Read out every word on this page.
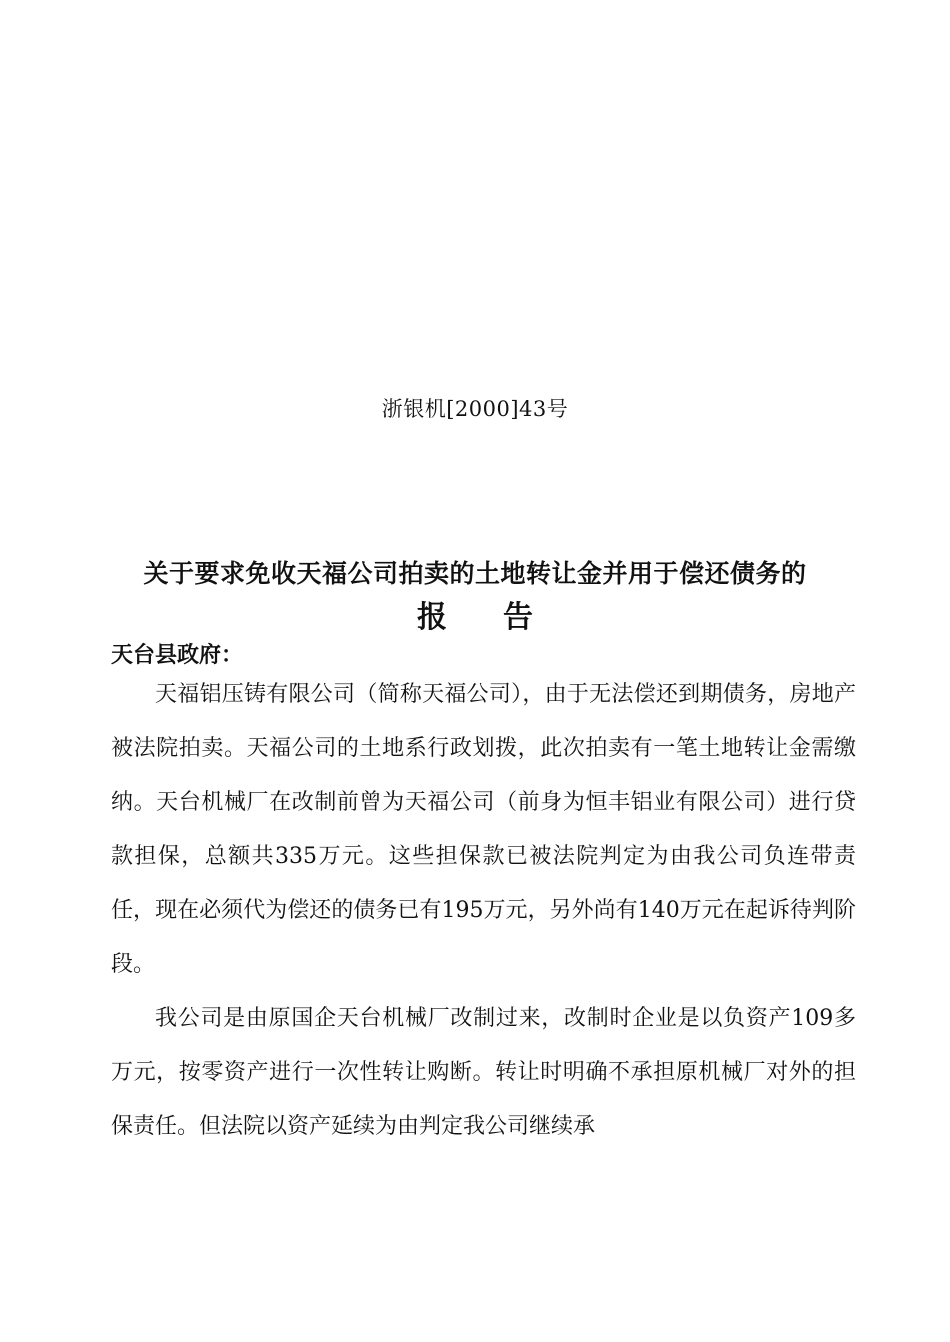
浙银机[2000]43号
关于要求免收天福公司拍卖的土地转让金并用于偿还债务的
报 告
天台县政府：

天福铝压铸有限公司（简称天福公司），由于无法偿还到期债务，房地产被法院拍卖。天福公司的土地系行政划拨，此次拍卖有一笔土地转让金需缴纳。天台机械厂在改制前曾为天福公司（前身为恒丰铝业有限公司）进行贷款担保，总额共335万元。这些担保款已被法院判定为由我公司负连带责任，现在必须代为偿还的债务已有195万元，另外尚有140万元在起诉待判阶段。

我公司是由原国企天台机械厂改制过来，改制时企业是以负资产109多万元，按零资产进行一次性转让购断。转让时明确不承担原机械厂对外的担保责任。但法院以资产延续为由判定我公司继续承
